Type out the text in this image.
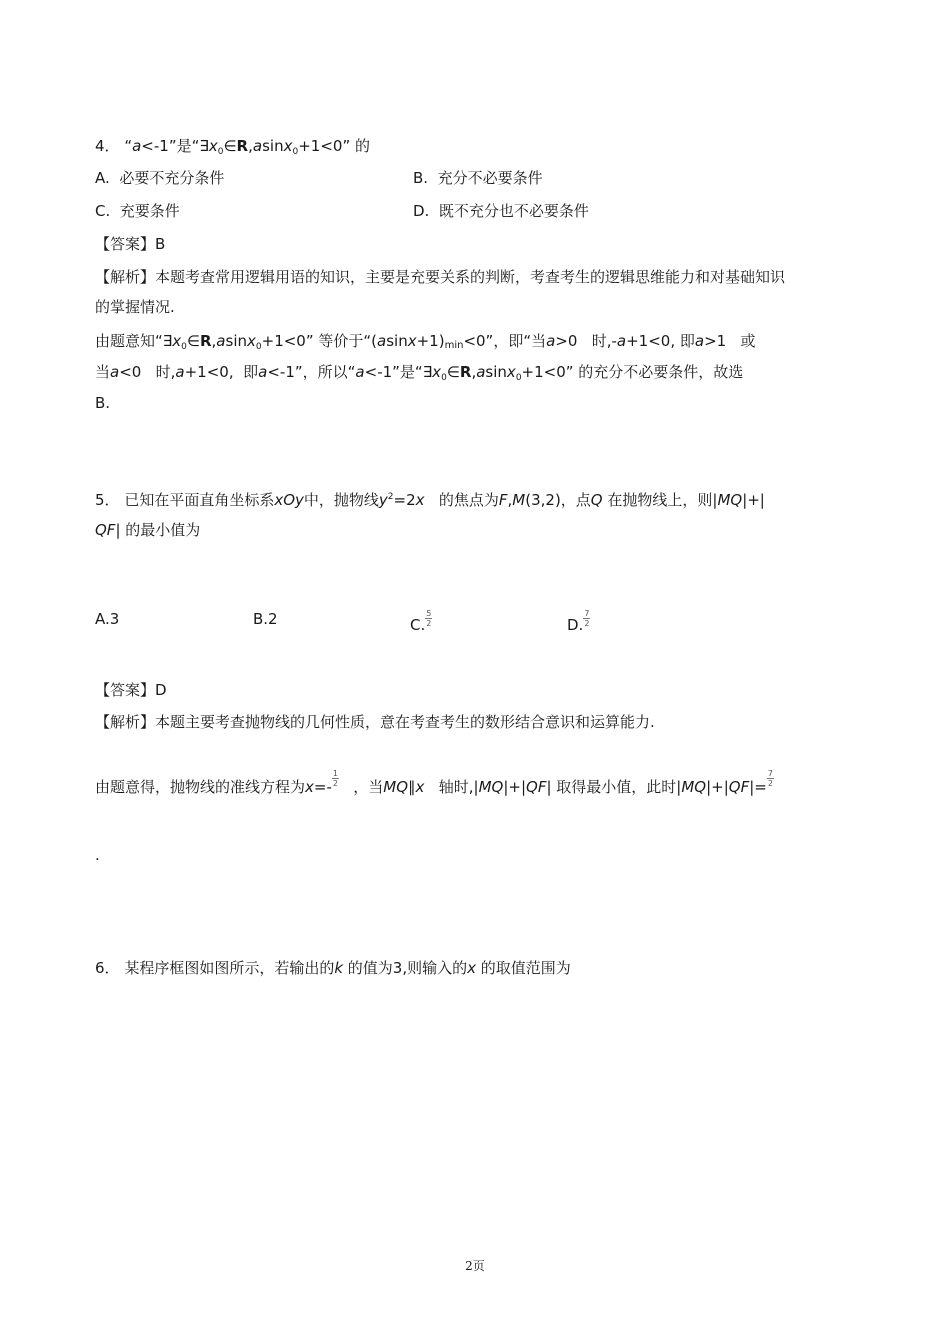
4． “a<-1”是“$\exists x_0\in R,asinx_0+1<0$” 的
A. 必要不充分条件	B. 充分不必要条件
C. 充要条件	D. 既不充分也不必要条件
【答案】B
【解析】本题考查常用逻辑用语的知识，主要是充要关系的判断，考查考生的逻辑思维能力和对基础知识
的掌握情况.
由题意知“$\exists x_0\in R,asinx_0+1<0$” 等价于“(asinx+1)min<0”，即“当a>0   时,-a+1<0, 即a>1   或
当a<0   时,a+1<0,  即a<-1”，所以“a<-1”是“$\exists x_0\in R,asinx_0+1<0$” 的充分不必要条件，故选
B.
5． 已知在平面直角坐标系xOy中，抛物线$y^2=2x$   的焦点为F,M(3,2)，点Q 在抛物线上，则|MQ|+|
QF| 的最小值为
A.3	B.2	C. $\frac{5}{2}$	D. $\frac{7}{2}$
【答案】D
【解析】本题主要考查抛物线的几何性质，意在考查考生的数形结合意识和运算能力.
由题意得，抛物线的准线方程为$x=- \frac{1}{2}$ ，当MQ∥x   轴时,|MQ|+|QF| 取得最小值，此时$|MQ|+|QF|= \frac{7}{2}$
.
6． 某程序框图如图所示，若输出的k 的值为3,则输入的x 的取值范围为
2页
